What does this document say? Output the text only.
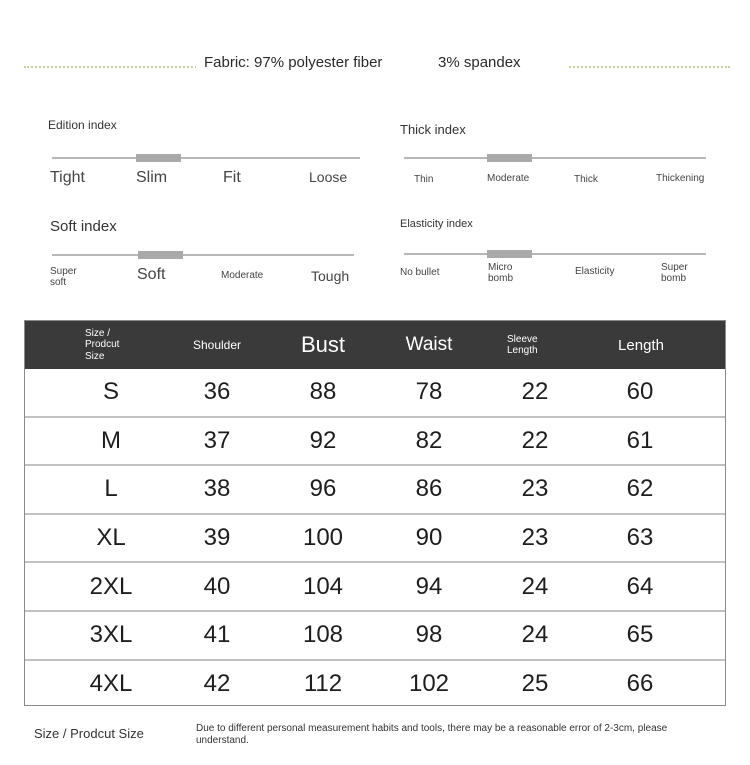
Fabric: 97% polyester fiber	3% spandex
Edition index
Tight	Slim	Fit	Loose
Thick index
Thin	Moderate	Thick	Thickening
Soft index
Super soft	Soft	Moderate	Tough
Elasticity index
No bullet	Micro bomb
Elasticity	Super bomb
Size / Prodcut Size
Shoulder	Bust	Waist	Sleeve Length	Length
S	36	88	78	22	60
M	37	92	82	22	61
L	38	96	86	23	62
XL	39	100	90	23	63
2XL	40	104	94	24	64
3XL	41	108	98	24	65
4XL	42	112	102	25	66
Size / Prodcut Size	Due to different personal measurement habits and tools, there may be a reasonable error of 2-3cm, please understand.
